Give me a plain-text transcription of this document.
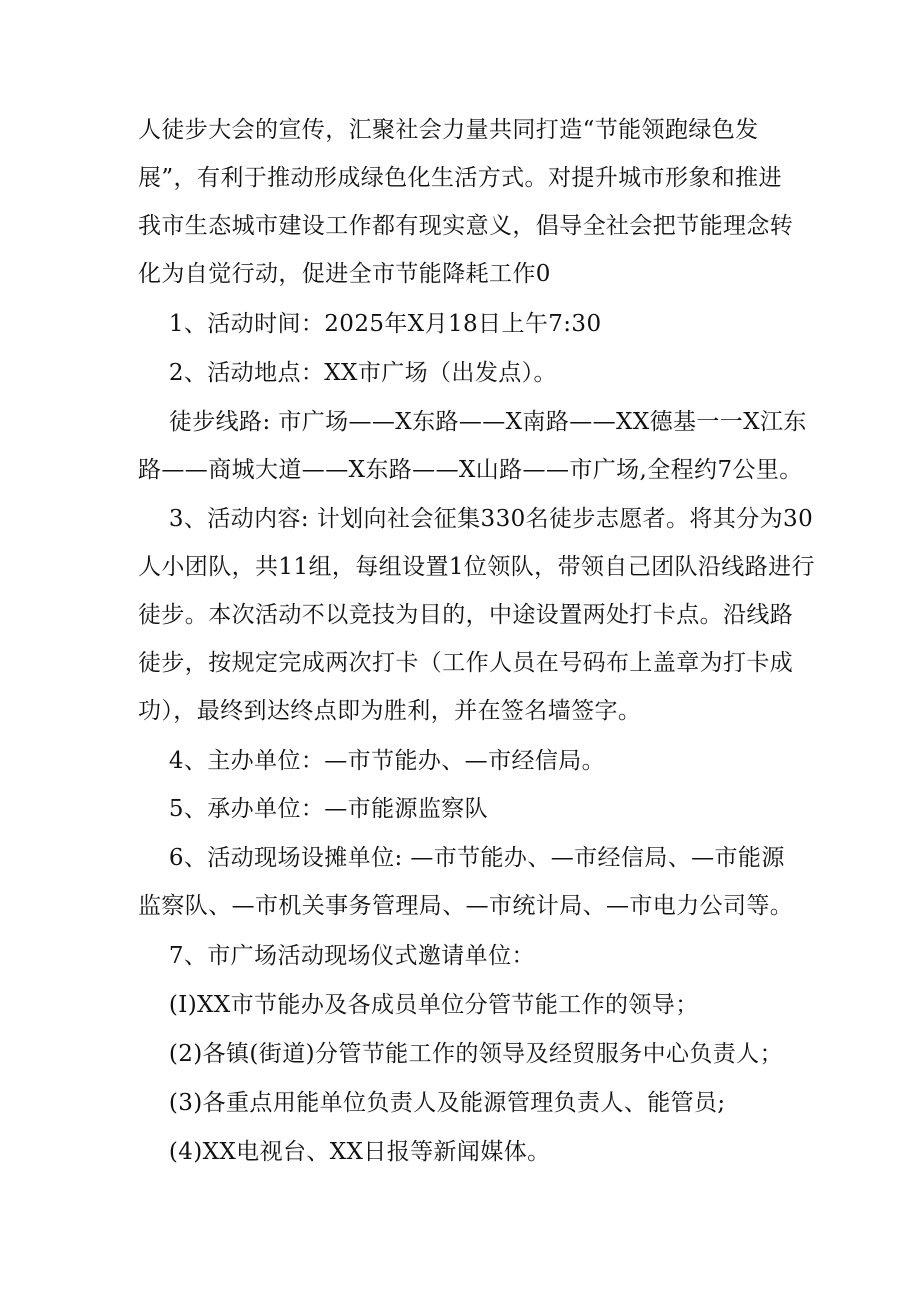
人徒步大会的宣传，汇聚社会力量共同打造“节能领跑绿色发

展”，有利于推动形成绿色化生活方式。对提升城市形象和推进

我市生态城市建设工作都有现实意义，倡导全社会把节能理念转

化为自觉行动，促进全市节能降耗工作0

1、活动时间：2025年X月18日上午7:30

2、活动地点：XX市广场（出发点）。

徒步线路: 市广场——X东路——X南路——XX德基一一X江东

路——商城大道——X东路——X山路——市广场,全程约7公里。

3、活动内容: 计划向社会征集330名徒步志愿者。将其分为30

人小团队，共11组，每组设置1位领队，带领自己团队沿线路进行

徒步。本次活动不以竞技为目的，中途设置两处打卡点。沿线路

徒步，按规定完成两次打卡（工作人员在号码布上盖章为打卡成

功），最终到达终点即为胜利，并在签名墙签字。

4、主办单位：—市节能办、—市经信局。

5、承办单位：—市能源监察队

6、活动现场设摊单位: —市节能办、—市经信局、—市能源

监察队、—市机关事务管理局、—市统计局、—市电力公司等。

7、市广场活动现场仪式邀请单位：

(I)XX市节能办及各成员单位分管节能工作的领导；

(2)各镇(街道)分管节能工作的领导及经贸服务中心负责人；

(3)各重点用能单位负责人及能源管理负责人、能管员;

(4)XX电视台、XX日报等新闻媒体。
